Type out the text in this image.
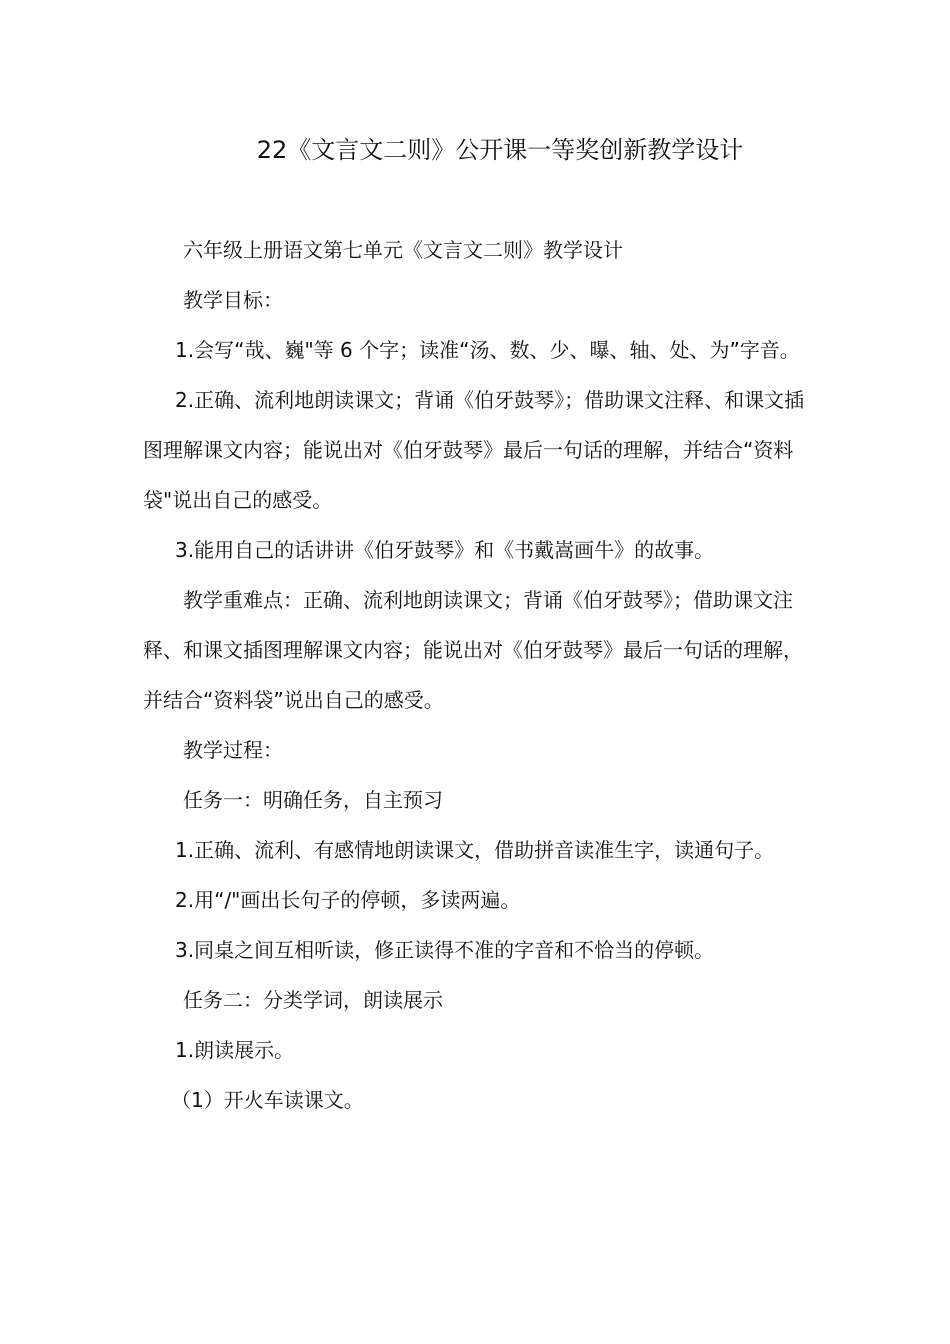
22《文言文二则》公开课一等奖创新教学设计

六年级上册语文第七单元《文言文二则》教学设计

教学目标：

1.会写“哉、巍"等 6 个字；读准“汤、数、少、曝、轴、处、为”字音。

2.正确、流利地朗读课文；背诵《伯牙鼓琴》；借助课文注释、和课文插图理解课文内容；能说出对《伯牙鼓琴》最后一句话的理解，并结合“资料袋"说出自己的感受。

3.能用自己的话讲讲《伯牙鼓琴》和《书戴嵩画牛》的故事。

教学重难点：正确、流利地朗读课文；背诵《伯牙鼓琴》；借助课文注释、和课文插图理解课文内容；能说出对《伯牙鼓琴》最后一句话的理解，并结合“资料袋”说出自己的感受。

教学过程：

任务一：明确任务，自主预习

1.正确、流利、有感情地朗读课文，借助拼音读准生字，读通句子。

2.用“/"画出长句子的停顿，多读两遍。

3.同桌之间互相听读，修正读得不准的字音和不恰当的停顿。

任务二：分类学词，朗读展示

1.朗读展示。

（1）开火车读课文。
